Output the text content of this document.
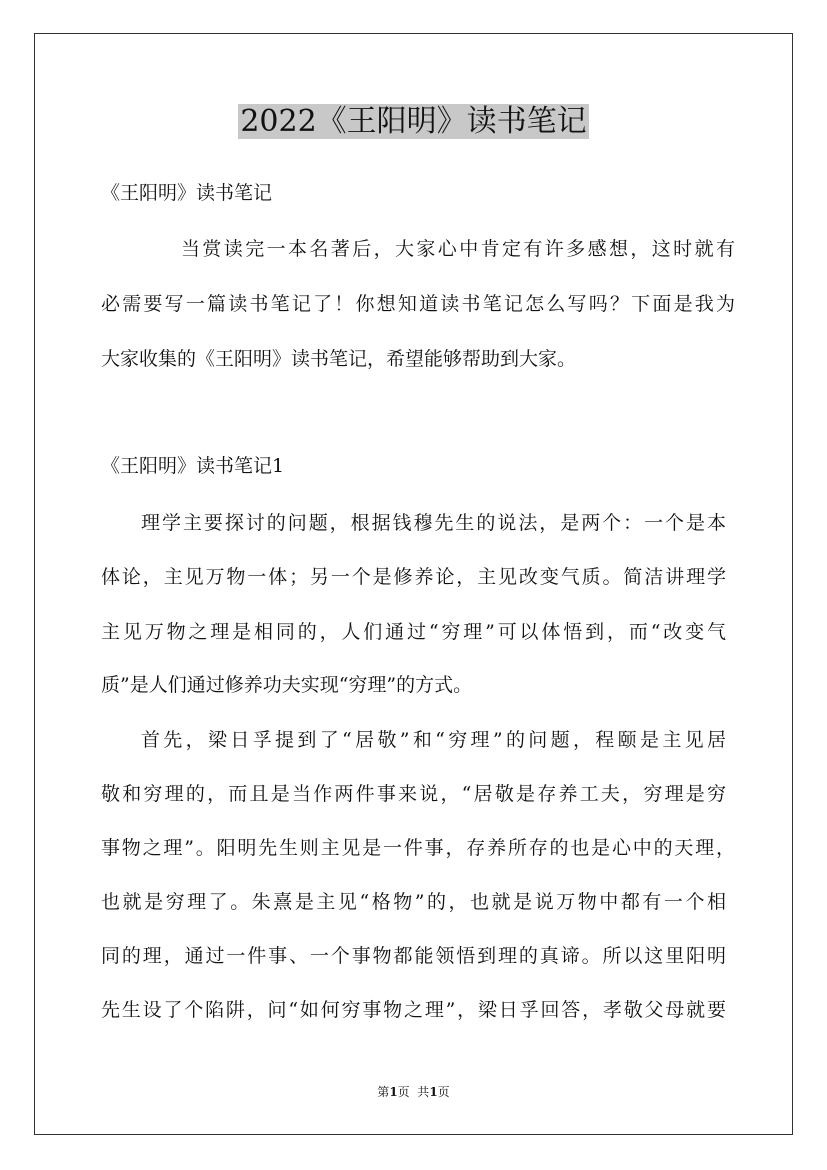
2022《王阳明》读书笔记
《王阳明》读书笔记
当赏读完一本名著后，大家心中肯定有许多感想，这时就有
必需要写一篇读书笔记了！你想知道读书笔记怎么写吗？下面是我为
大家收集的《王阳明》读书笔记，希望能够帮助到大家。
《王阳明》读书笔记1
理学主要探讨的问题，根据钱穆先生的说法，是两个：一个是本
体论，主见万物一体；另一个是修养论，主见改变气质。简洁讲理学
主见万物之理是相同的，人们通过“穷理”可以体悟到，而“改变气
质”是人们通过修养功夫实现“穷理”的方式。
首先，梁日孚提到了“居敬”和“穷理”的问题，程颐是主见居
敬和穷理的，而且是当作两件事来说，“居敬是存养工夫，穷理是穷
事物之理”。阳明先生则主见是一件事，存养所存的也是心中的天理，
也就是穷理了。朱熹是主见“格物”的，也就是说万物中都有一个相
同的理，通过一件事、一个事物都能领悟到理的真谛。所以这里阳明
先生设了个陷阱，问“如何穷事物之理”，梁日孚回答，孝敬父母就要
第1页  共1页
